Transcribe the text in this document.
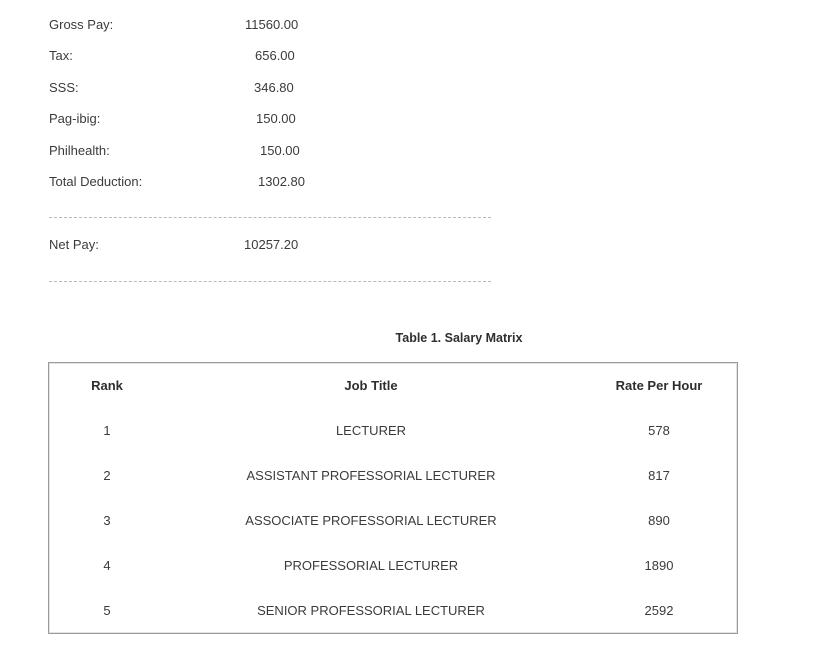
Gross Pay:	11560.00
Tax:	656.00
SSS:	346.80
Pag-ibig:	150.00
Philhealth:	150.00
Total Deduction:	1302.80
Net Pay:	10257.20
Table 1. Salary Matrix
Rank	Job Title	Rate Per Hour
1	LECTURER	578
2	ASSISTANT PROFESSORIAL LECTURER	817
3	ASSOCIATE PROFESSORIAL LECTURER	890
4	PROFESSORIAL LECTURER	1890
5	SENIOR PROFESSORIAL LECTURER	2592
